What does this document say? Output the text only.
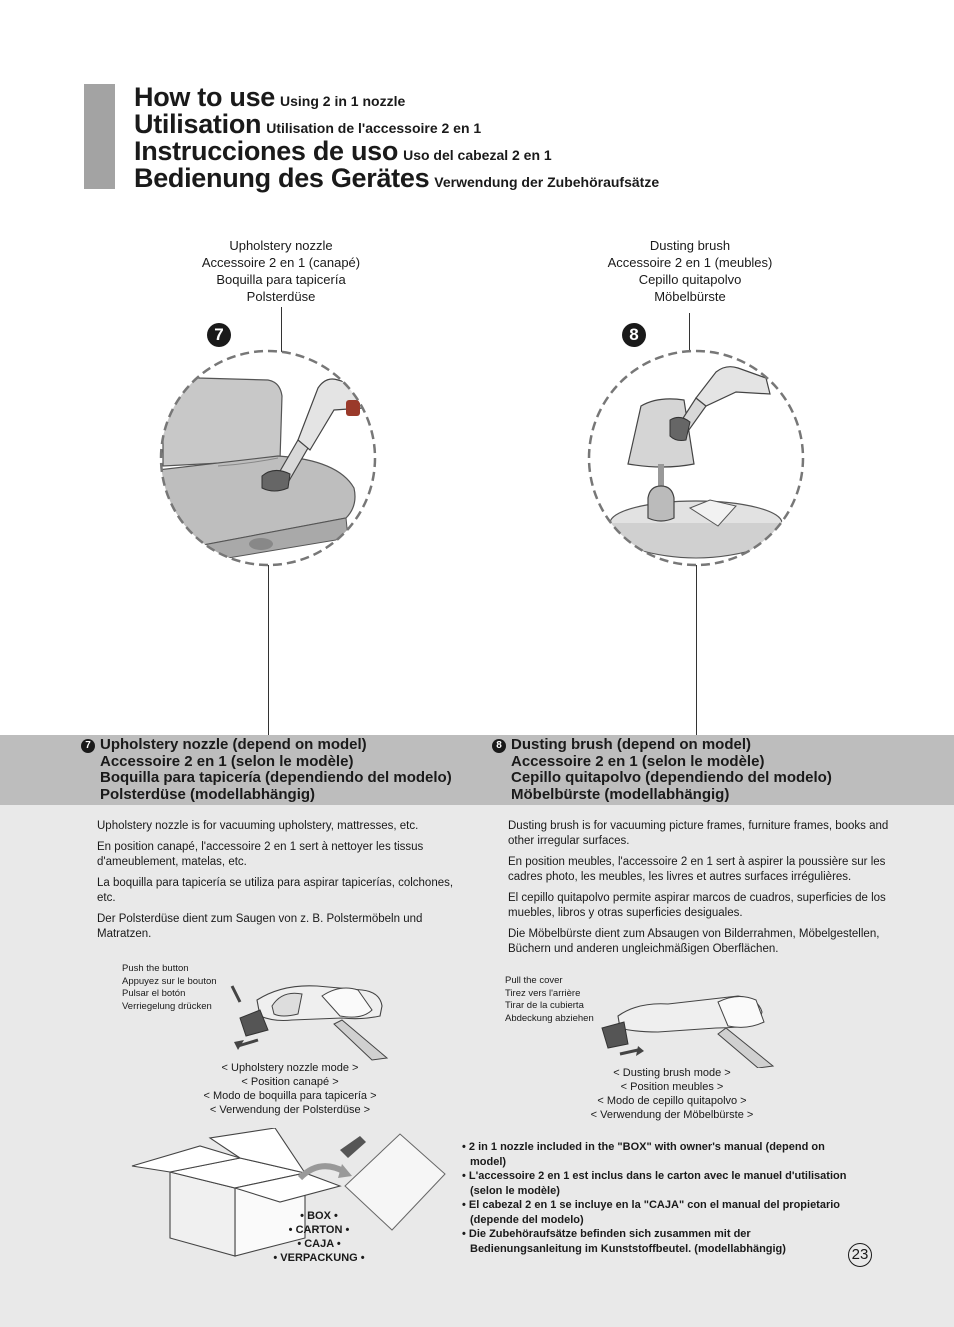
How to use Using 2 in 1 nozzle
Utilisation Utilisation de l'accessoire 2 en 1
Instrucciones de uso Uso del cabezal 2 en 1
Bedienung des Gerätes Verwendung der Zubehöraufsätze
Upholstery nozzle
Accessoire 2 en 1 (canapé)
Boquilla para tapicería
Polsterdüse
Dusting brush
Accessoire 2 en 1 (meubles)
Cepillo quitapolvo
Möbelbürste
7	8
7 Upholstery nozzle (depend on model)
Accessoire 2 en 1 (selon le modèle)
Boquilla para tapicería (dependiendo del modelo)
Polsterdüse (modellabhängig)
8 Dusting brush (depend on model)
Accessoire 2 en 1 (selon le modèle)
Cepillo quitapolvo (dependiendo del modelo)
Möbelbürste (modellabhängig)

Upholstery nozzle is for vacuuming upholstery, mattresses, etc.

En position canapé, l'accessoire 2 en 1 sert à nettoyer les tissus d'ameublement, matelas, etc.

La boquilla para tapicería se utiliza para aspirar tapicerías, colchones, etc.

Der Polsterdüse dient zum Saugen von z. B. Polstermöbeln und Matratzen.

Dusting brush is for vacuuming picture frames, furniture frames, books and other irregular surfaces.

En position meubles, l'accessoire 2 en 1 sert à aspirer la poussière sur les cadres photo, les meubles, les livres et autres surfaces irrégulières.

El cepillo quitapolvo permite aspirar marcos de cuadros, superficies de los muebles, libros y otras superficies desiguales.

Die Möbelbürste dient zum Absaugen von Bilderrahmen, Möbelgestellen, Büchern und anderen ungleichmäßigen Oberflächen.

Push the button
Appuyez sur le bouton
Pulsar el botón
Verriegelung drücken
Pull the cover
Tirez vers l'arrière
Tirar de la cubierta
Abdeckung abziehen
< Upholstery nozzle mode >
< Position canapé >
< Modo de boquilla para tapicería >
< Verwendung der Polsterdüse >
< Dusting brush mode >
< Position meubles >
< Modo de cepillo quitapolvo >
< Verwendung der Möbelbürste >
• BOX •
• CARTON •
• CAJA •
• VERPACKUNG •
• 2 in 1 nozzle included in the "BOX" with owner's manual (depend on model)
• L'accessoire 2 en 1 est inclus dans le carton avec le manuel d'utilisation (selon le modèle)
• El cabezal 2 en 1 se incluye en la "CAJA" con el manual del propietario (depende del modelo)
• Die Zubehöraufsätze befinden sich zusammen mit der Bedienungsanleitung im Kunststoffbeutel. (modellabhängig)	23
